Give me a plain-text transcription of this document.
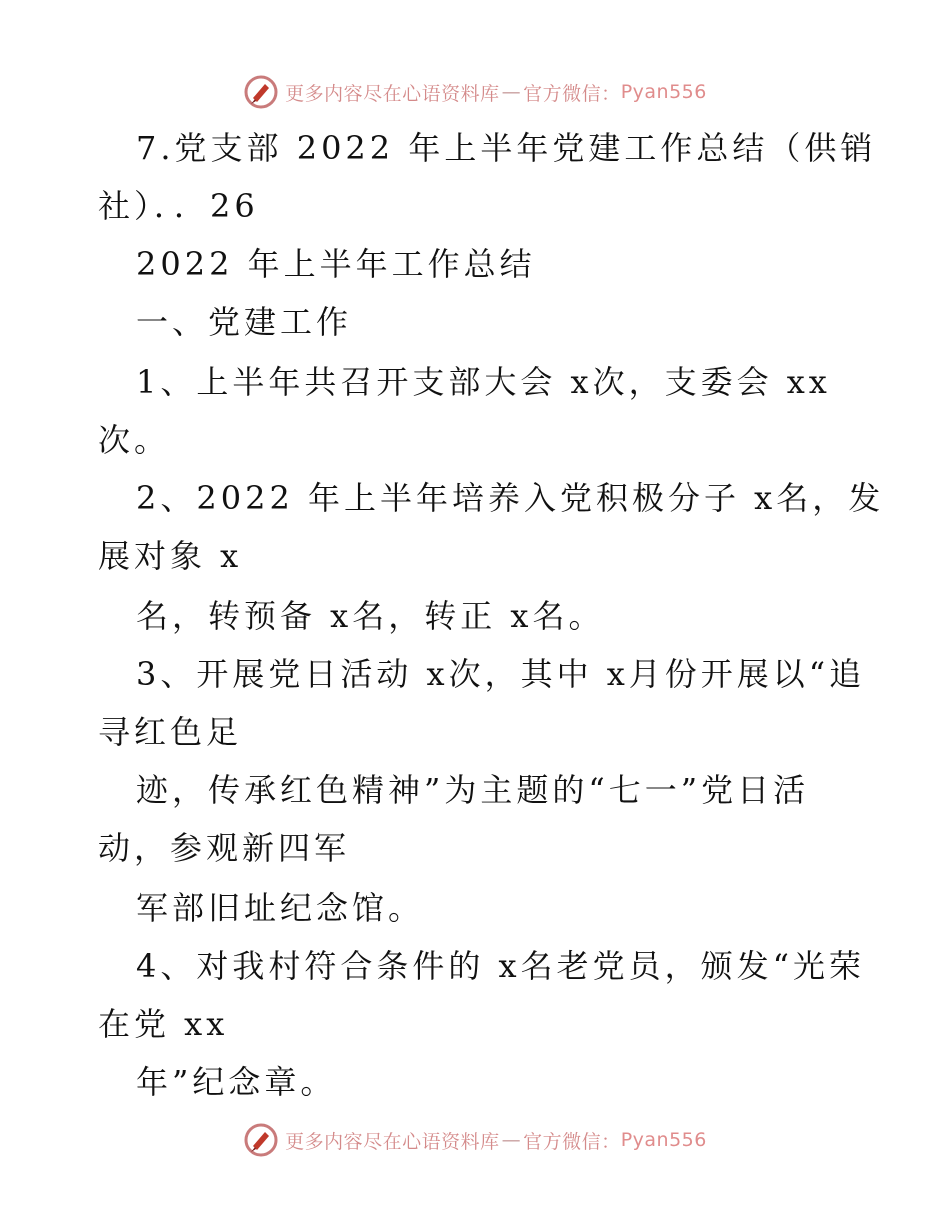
更多内容尽在心语资料库 — 官方微信： Pyan556
7.党支部 2022 年上半年党建工作总结（供销
社）．．26
2022 年上半年工作总结
一、党建工作
1、上半年共召开支部大会 x次，支委会 xx
次。
2、2022 年上半年培养入党积极分子 x名，发
展对象 x
名，转预备 x名，转正 x名。
3、开展党日活动 x次，其中 x月份开展以“追
寻红色足
迹，传承红色精神”为主题的“七一”党日活
动，参观新四军
军部旧址纪念馆。
4、对我村符合条件的 x名老党员，颁发“光荣
在党 xx
年”纪念章。
更多内容尽在心语资料库 — 官方微信： Pyan556
